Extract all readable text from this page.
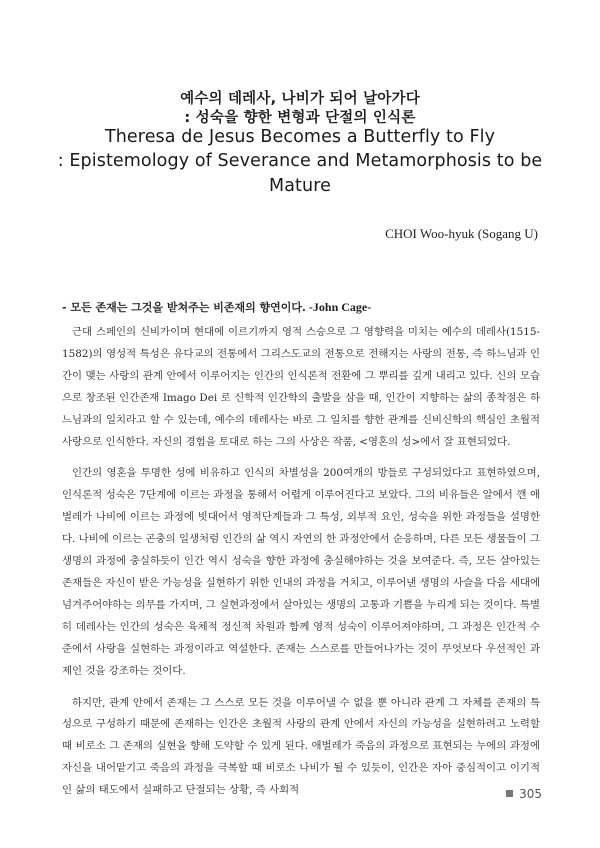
예수의 데레사, 나비가 되어 날아가다
: 성숙을 향한 변형과 단절의 인식론
Theresa de Jesus Becomes a Butterfly to Fly
: Epistemology of Severance and Metamorphosis to be
Mature
CHOI Woo-hyuk (Sogang U)
- 모든 존재는 그것을 받쳐주는 비존재의 향연이다. -John Cage-

근대 스페인의 신비가이며 현대에 이르기까지 영적 스승으로 그 영향력을 미치는 예수의 데레사(1515-1582)의 영성적 특성은 유다교의 전통에서 그리스도교의 전통으로 전해지는 사랑의 전통, 즉 하느님과 인간이 맺는 사랑의 관계 안에서 이루어지는 인간의 인식론적 전환에 그 뿌리를 깊게 내리고 있다. 신의 모습으로 창조된 인간존재 Imago Dei 로 신학적 인간학의 출발을 삼을 때, 인간이 지향하는 삶의 종착점은 하느님과의 일치라고 할 수 있는데, 예수의 데레사는 바로 그 일치를 향한 관계를 신비신학의 핵심인 초월적 사랑으로 인식한다. 자신의 경험을 토대로 하는 그의 사상은 작품, <영혼의 성>에서 잘 표현되었다.

인간의 영혼을 투명한 성에 비유하고 인식의 차별성을 200여개의 방들로 구성되었다고 표현하였으며, 인식론적 성숙은 7단계에 이르는 과정을 통해서 어렵게 이루어진다고 보았다. 그의 비유들은 알에서 깬 애벌레가 나비에 이르는 과정에 빗대어서 영적단계들과 그 특성, 외부적 요인, 성숙을 위한 과정들을 설명한다. 나비에 이르는 곤충의 일생처럼 인간의 삶 역시 자연의 한 과정안에서 순응하며, 다른 모든 생물들이 그 생명의 과정에 충실하듯이 인간 역시 성숙을 향한 과정에 충실해야하는 것을 보여준다. 즉, 모든 살아있는 존재들은 자신이 받은 가능성을 실현하기 위한 인내의 과정을 거치고, 이루어낸 생명의 사슬을 다음 세대에 넘겨주어야하는 의무를 가지며, 그 실현과정에서 살아있는 생명의 고통과 기쁨을 누리게 되는 것이다. 특별히 데레사는 인간의 성숙은 육체적 정신적 차원과 함께 영적 성숙이 이루어져야하며, 그 과정은 인간적 수준에서 사랑을 실현하는 과정이라고 역설한다. 존재는 스스로를 만들어나가는 것이 무엇보다 우선적인 과제인 것을 강조하는 것이다.

하지만, 관계 안에서 존재는 그 스스로 모든 것을 이루어낼 수 없을 뿐 아니라 관계 그 자체를 존재의 특성으로 구성하기 때문에 존재하는 인간은 초월적 사랑의 관계 안에서 자신의 가능성을 실현하려고 노력할 때 비로소 그 존재의 실현을 향해 도약할 수 있게 된다. 애벌레가 죽음의 과정으로 표현되는 누에의 과정에 자신을 내어맡기고 죽음의 과정을 극복할 때 비로소 나비가 될 수 있듯이, 인간은 자아 중심적이고 이기적인 삶의 태도에서 실패하고 단절되는 상황, 즉 사회적	305
